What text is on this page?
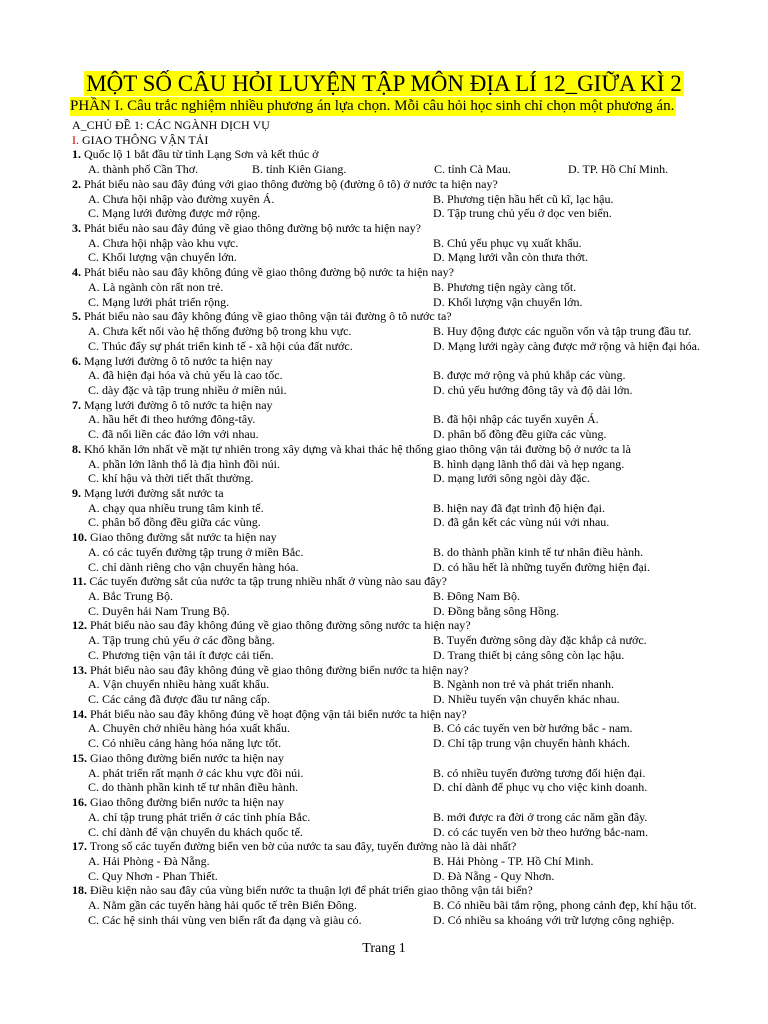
MỘT SỐ CÂU HỎI LUYỆN TẬP MÔN ĐỊA LÍ 12_GIỮA KÌ 2
PHẦN I. Câu trắc nghiệm nhiều phương án lựa chọn. Mỗi câu hỏi học sinh chỉ chọn một phương án.
A_CHỦ ĐỀ 1: CÁC NGÀNH DỊCH VỤ
I. GIAO THÔNG VẬN TẢI
1. Quốc lộ 1 bắt đầu từ tỉnh Lạng Sơn và kết thúc ở
A. thành phố Cần Thơ.	B. tỉnh Kiên Giang.	C. tỉnh Cà Mau.	D. TP. Hồ Chí Minh.
2. Phát biểu nào sau đây đúng với giao thông đường bộ (đường ô tô) ở nước ta hiện nay?
A. Chưa hội nhập vào đường xuyên Á.	B. Phương tiện hầu hết cũ kĩ, lạc hậu.
C. Mạng lưới đường được mở rộng.	D. Tập trung chủ yếu ở dọc ven biển.
3. Phát biểu nào sau đây đúng về giao thông đường bộ nước ta hiện nay?
A. Chưa hội nhập vào khu vực.	B. Chủ yếu phục vụ xuất khẩu.
C. Khối lượng vận chuyển lớn.	D. Mạng lưới vẫn còn thưa thớt.
4. Phát biểu nào sau đây không đúng về giao thông đường bộ nước ta hiện nay?
A. Là ngành còn rất non trẻ.	B. Phương tiện ngày càng tốt.
C. Mạng lưới phát triển rộng.	D. Khối lượng vận chuyển lớn.
5. Phát biểu nào sau đây không đúng về giao thông vận tải đường ô tô nước ta?
A. Chưa kết nối vào hệ thống đường bộ trong khu vực.	B. Huy động được các nguồn vốn và tập trung đầu tư.
C. Thúc đẩy sự phát triển kinh tế - xã hội của đất nước.	D. Mạng lưới ngày càng được mở rộng và hiện đại hóa.
6. Mạng lưới đường ô tô nước ta hiện nay
A. đã hiện đại hóa và chủ yếu là cao tốc.	B. được mở rộng và phủ khắp các vùng.
C. dày đặc và tập trung nhiều ở miền núi.	D. chủ yếu hướng đông tây và độ dài lớn.
7. Mạng lưới đường ô tô nước ta hiện nay
A. hầu hết đi theo hướng đông-tây.	B. đã hội nhập các tuyến xuyên Á.
C. đã nối liền các đảo lớn với nhau.	D. phân bố đồng đều giữa các vùng.
8. Khó khăn lớn nhất về mặt tự nhiên trong xây dựng và khai thác hệ thống giao thông vận tải đường bộ ở nước ta là
A. phần lớn lãnh thổ là địa hình đồi núi.	B. hình dạng lãnh thổ dài và hẹp ngang.
C. khí hậu và thời tiết thất thường.	D. mạng lưới sông ngòi dày đặc.
9. Mạng lưới đường sắt nước ta
A. chạy qua nhiều trung tâm kinh tế.	B. hiện nay đã đạt trình độ hiện đại.
C. phân bố đồng đều giữa các vùng.	D. đã gắn kết các vùng núi với nhau.
10. Giao thông đường sắt nước ta hiện nay
A. có các tuyến đường tập trung ở miền Bắc.	B. do thành phần kinh tế tư nhân điều hành.
C. chỉ dành riêng cho vận chuyển hàng hóa.	D. có hầu hết là những tuyến đường hiện đại.
11. Các tuyến đường sắt của nước ta tập trung nhiều nhất ở vùng nào sau đây?
A. Bắc Trung Bộ.	B. Đông Nam Bộ.
C. Duyên hải Nam Trung Bộ.	D. Đồng bằng sông Hồng.
12. Phát biểu nào sau đây không đúng về giao thông đường sông nước ta hiện nay?
A. Tập trung chủ yếu ở các đồng bằng.	B. Tuyến đường sông dày đặc khắp cả nước.
C. Phương tiện vận tải ít được cải tiến.	D. Trang thiết bị cảng sông còn lạc hậu.
13. Phát biểu nào sau đây không đúng về giao thông đường biển nước ta hiện nay?
A. Vận chuyển nhiều hàng xuất khẩu.	B. Ngành non trẻ và phát triển nhanh.
C. Các cảng đã được đầu tư nâng cấp.	D. Nhiều tuyến vận chuyển khác nhau.
14. Phát biểu nào sau đây không đúng về hoạt động vận tải biển nước ta hiện nay?
A. Chuyên chở nhiều hàng hóa xuất khẩu.	B. Có các tuyến ven bờ hướng bắc - nam.
C. Có nhiều cảng hàng hóa năng lực tốt.	D. Chỉ tập trung vận chuyển hành khách.
15. Giao thông đường biển nước ta hiện nay
A. phát triển rất mạnh ở các khu vực đồi núi.	B. có nhiều tuyến đường tương đối hiện đại.
C. do thành phần kinh tế tư nhân điều hành.	D. chỉ dành để phục vụ cho việc kinh doanh.
16. Giao thông đường biển nước ta hiện nay
A. chỉ tập trung phát triển ở các tỉnh phía Bắc.	B. mới được ra đời ở trong các năm gần đây.
C. chỉ dành để vận chuyển du khách quốc tế.	D. có các tuyến ven bờ theo hướng bắc-nam.
17. Trong số các tuyến đường biển ven bờ của nước ta sau đây, tuyến đường nào là dài nhất?
A. Hải Phòng - Đà Nẵng.	B. Hải Phòng - TP. Hồ Chí Minh.
C. Quy Nhơn - Phan Thiết.	D. Đà Nẵng - Quy Nhơn.
18. Điều kiện nào sau đây của vùng biển nước ta thuận lợi để phát triển giao thông vận tải biển?
A. Nằm gần các tuyến hàng hải quốc tế trên Biển Đông.	B. Có nhiều bãi tắm rộng, phong cảnh đẹp, khí hậu tốt.
C. Các hệ sinh thái vùng ven biển rất đa dạng và giàu có.	D. Có nhiều sa khoáng với trữ lượng công nghiệp.
Trang 1
